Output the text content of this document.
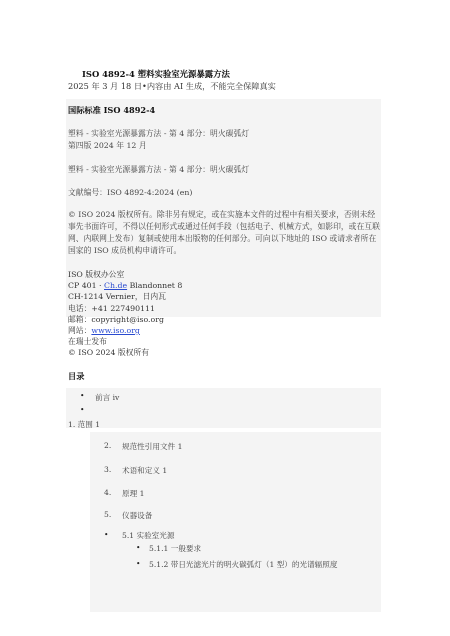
ISO 4892-4 塑料实验室光源暴露方法
2025 年 3 月 18 日•内容由 AI 生成，不能完全保障真实
国际标准 ISO 4892-4
塑料 - 实验室光源暴露方法 - 第 4 部分：明火碳弧灯
第四版 2024 年 12 月
塑料 - 实验室光源暴露方法 - 第 4 部分：明火碳弧灯
文献编号：ISO 4892-4:2024 (en)
© ISO 2024 版权所有。除非另有规定，或在实施本文件的过程中有相关要求，否则未经事先书面许可，不得以任何形式或通过任何手段（包括电子、机械方式，如影印，或在互联网、内联网上发布）复制或使用本出版物的任何部分。可向以下地址的 ISO 或请求者所在国家的 ISO 成员机构申请许可。
ISO 版权办公室
CP 401 · Ch.de Blandonnet 8
CH-1214 Vernier，日内瓦
电话：+41 227490111
邮箱：copyright@iso.org
网站：www.iso.org
在瑞士发布
© ISO 2024 版权所有
目录
• 前言 iv
•
1. 范围 1
2. 规范性引用文件 1
3. 术语和定义 1
4. 原理 1
5. 仪器设备
• 5.1 实验室光源
• 5.1.1 一般要求
• 5.1.2 带日光滤光片的明火碳弧灯（1 型）的光谱辐照度
